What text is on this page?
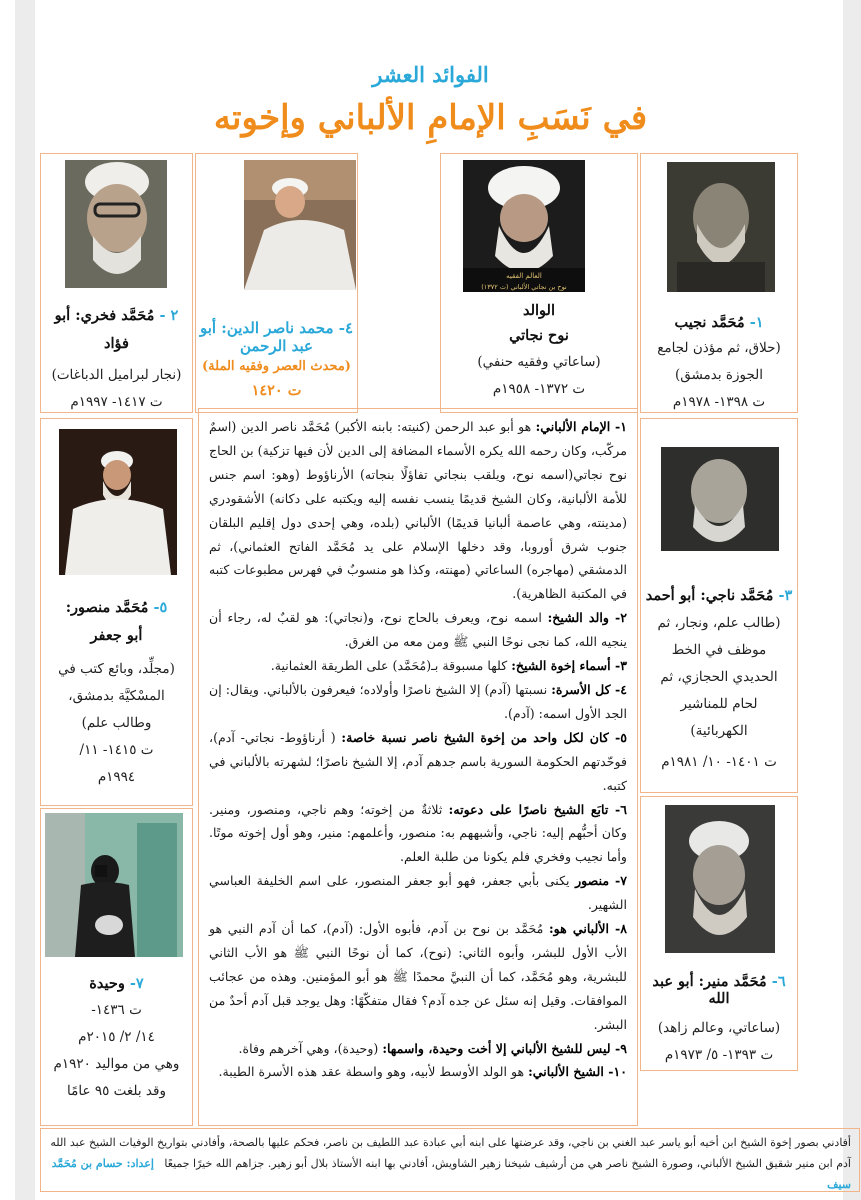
الفوائد العشر
في نَسَبِ الإمامِ الألباني وإخوته
١- مُحَمَّد نجيب
(حلاق، ثم مؤذن لجامع الجوزة بدمشق)
ت ١٣٩٨- ١٩٧٨م
العالم الفقيه
نوح بن نجاتي الألباني (ت ١٣٧٢)
الوالد
نوح نجاتي
(ساعاتي وفقيه حنفي)
ت ١٣٧٢- ١٩٥٨م
٤- محمد ناصر الدين: أبو عبد الرحمن
(محدث العصر وفقيه الملة)
ت ١٤٢٠
٢ - مُحَمَّد فخري: أبو فؤاد
(نجار لبراميل الدباغات)
ت ١٤١٧- ١٩٩٧م
٥- مُحَمَّد منصور: أبو جعفر
(مجلِّد، وبائع كتب في المسْكيَّة بدمشق، وطالب علم)
ت ١٤١٥- ١١/ ١٩٩٤م
٧- وحيدة
ت ١٤٣٦-
١٤/ ٢/ ٢٠١٥م
وهي من مواليد ١٩٢٠م
وقد بلغت ٩٥ عامًا
٣- مُحَمَّد ناجي: أبو أحمد
(طالب علم، ونجار، ثم موظف في الخط الحديدي الحجازي، ثم لحام للمناشير الكهربائية)
ت ١٤٠١- ١٠/ ١٩٨١م
٦- مُحَمَّد منير: أبو عبد الله
(ساعاتي، وعالم زاهد)
ت ١٣٩٣- ٥/ ١٩٧٣م

١- الإمام الألباني: هو أبو عبد الرحمن (كنيته: بابنه الأكبر) مُحَمَّد ناصر الدين (اسمٌ مركّب، وكان رحمه الله يكره الأسماء المضافة إلى الدين لأن فيها تزكية) بن الحاج نوح نجاتي(اسمه نوح، ويلقب بنجاتي تفاؤلًا بنجاته) الأرناؤوط (وهو: اسم جنس للأمة الألبانية، وكان الشيخ قديمًا ينسب نفسه إليه ويكتبه على دكانه) الأشقودري (مدينته، وهي عاصمة ألبانيا قديمًا) الألباني (بلده، وهي إحدى دول إقليم البلقان جنوب شرق أوروبا، وقد دخلها الإسلام على يد مُحَمَّد الفاتح العثماني)، ثم الدمشقي (مهاجره) الساعاتي (مهنته، وكذا هو منسوبٌ في فهرس مطبوعات كتبه في المكتبة الظاهرية).

٢- والد الشيخ: اسمه نوح، ويعرف بالحاج نوح، و(نجاتي): هو لقبٌ له، رجاء أن ينجيه الله، كما نجى نوحًا النبي ﷺ ومن معه من الغرق.

٣- أسماء إخوة الشيخ: كلها مسبوقة بـ(مُحَمَّد) على الطريقة العثمانية.

٤- كل الأسرة: نسبتها (آدم) إلا الشيخ ناصرًا وأولاده؛ فيعرفون بالألباني. ويقال: إن الجد الأول اسمه: (آدم).

٥- كان لكل واحد من إخوة الشيخ ناصر نسبة خاصة: ( أرناؤوط- نجاتي- آدم)، فوحّدتهم الحكومة السورية باسم جدهم آدم، إلا الشيخ ناصرًا؛ لشهرته بالألباني في كتبه.

٦- تابَع الشيخ ناصرًا على دعوته: ثلاثةٌ من إخوته؛ وهم ناجي، ومنصور، ومنير. وكان أحبُّهم إليه: ناجي، وأشبههم به: منصور، وأعلمهم: منير، وهو أول إخوته موتًا. وأما نجيب وفخري فلم يكونا من طلبة العلم.

٧- منصور يكنى بأبي جعفر، فهو أبو جعفر المنصور، على اسم الخليفة العباسي الشهير.

٨- الألباني هو: مُحَمَّد بن نوح بن آدم، فأبوه الأول: (آدم)، كما أن آدم النبي هو الأب الأول للبشر، وأبوه الثاني: (نوح)، كما أن نوحًا النبي ﷺ هو الأب الثاني للبشرية، وهو مُحَمَّد، كما أن النبيَّ محمدًا ﷺ هو أبو المؤمنين. وهذه من عجائب الموافقات. وقيل إنه سئل عن جده آدم؟ فقال متفكّهًا: وهل يوجد قبل آدم أحدٌ من البشر.

٩- ليس للشيخ الألباني إلا أخت وحيدة، واسمها: (وحيدة)، وهي آخرهم وفاة.

١٠- الشيخ الألباني: هو الولد الأوسط لأبيه، وهو واسطة عقد هذه الأسرة الطيبة.

أفادني بصور إخوة الشيخ ابن أخيه أبو ياسر عبد الغني بن ناجي، وقد عرضتها على ابنه أبي عبادة عبد اللطيف بن ناصر، فحكم عليها بالصحة، وأفادني بتواريخ الوفيات الشيخ عبد الله
آدم ابن منير شقيق الشيخ الألباني، وصورة الشيخ ناصر هي من أرشيف شيخنا زهير الشاويش، أفادني بها ابنه الأستاذ بلال أبو زهير. جزاهم الله خيرًا جميعًا   إعداد: حسام بن مُحَمَّد سيف
